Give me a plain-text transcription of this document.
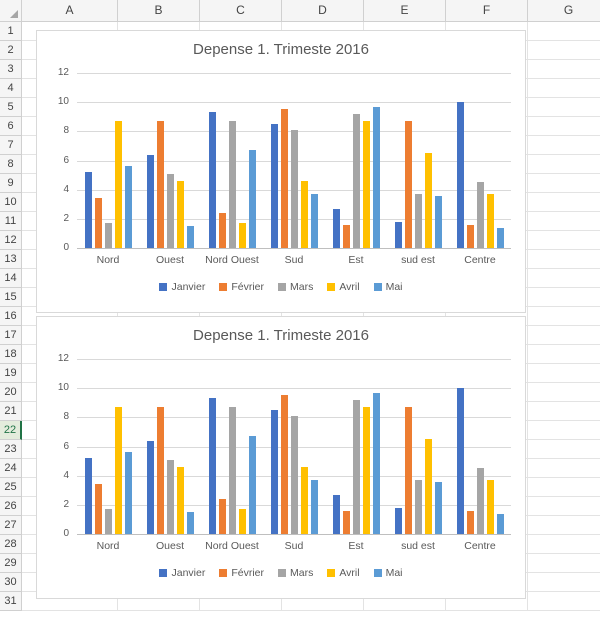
A	B	C	D	E	F	G
1
2
3
4
5
6
7
8
9
10
11
12
13
14
15
16
17
18
19
20
21
22
23
24
25
26
27
28
29
30
31
Depense 1. Trimeste 2016
0
2
4
6
8
10
12
Nord	Ouest	Nord Ouest	Sud	Est	sud est	Centre
Janvier Février Mars Avril Mai
Depense 1. Trimeste 2016
0
2
4
6
8
10
12
Nord	Ouest	Nord Ouest	Sud	Est	sud est	Centre
Janvier Février Mars Avril Mai
